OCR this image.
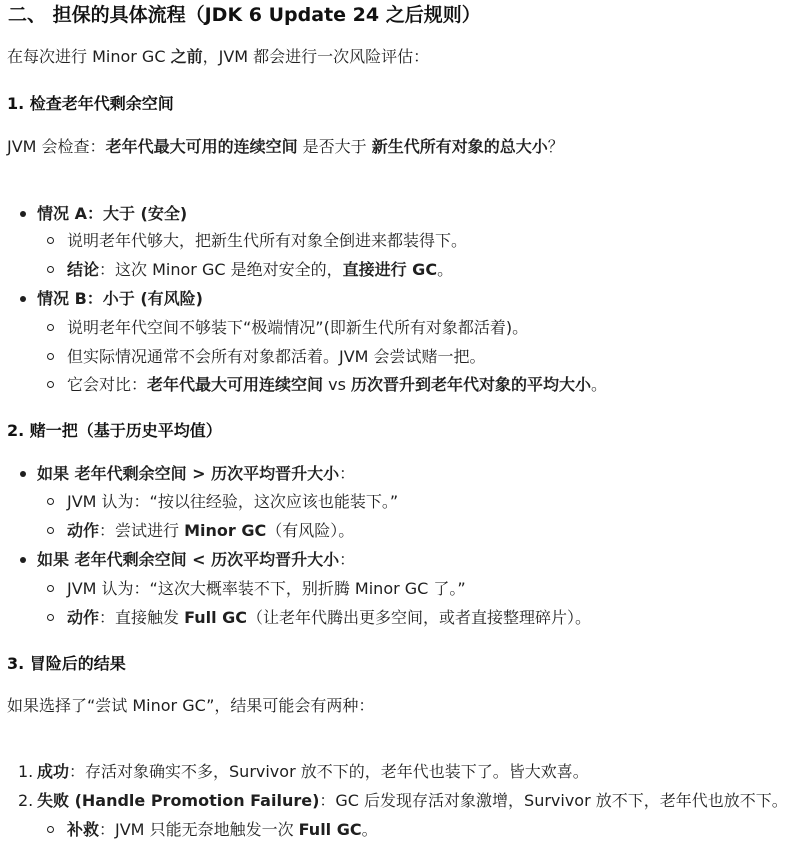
二、 担保的具体流程（JDK 6 Update 24 之后规则）

在每次进行 Minor GC 之前，JVM 都会进行一次风险评估：

1. 检查老年代剩余空间

JVM 会检查：老年代最大可用的连续空间 是否大于 新生代所有对象的总大小？

情况 A：大于 (安全)
说明老年代够大，把新生代所有对象全倒进来都装得下。
结论：这次 Minor GC 是绝对安全的，直接进行 GC。
情况 B：小于 (有风险)
说明老年代空间不够装下“极端情况”(即新生代所有对象都活着)。
但实际情况通常不会所有对象都活着。JVM 会尝试赌一把。
它会对比：老年代最大可用连续空间 vs 历次晋升到老年代对象的平均大小。
2. 赌一把（基于历史平均值）
如果 老年代剩余空间 > 历次平均晋升大小：
JVM 认为：“按以往经验，这次应该也能装下。”
动作：尝试进行 Minor GC（有风险）。
如果 老年代剩余空间 < 历次平均晋升大小：
JVM 认为：“这次大概率装不下，别折腾 Minor GC 了。”
动作：直接触发 Full GC（让老年代腾出更多空间，或者直接整理碎片）。
3. 冒险后的结果

如果选择了“尝试 Minor GC”，结果可能会有两种：

1. 成功：存活对象确实不多，Survivor 放不下的，老年代也装下了。皆大欢喜。
2. 失败 (Handle Promotion Failure)：GC 后发现存活对象激增，Survivor 放不下，老年代也放不下。
补救：JVM 只能无奈地触发一次 Full GC。
